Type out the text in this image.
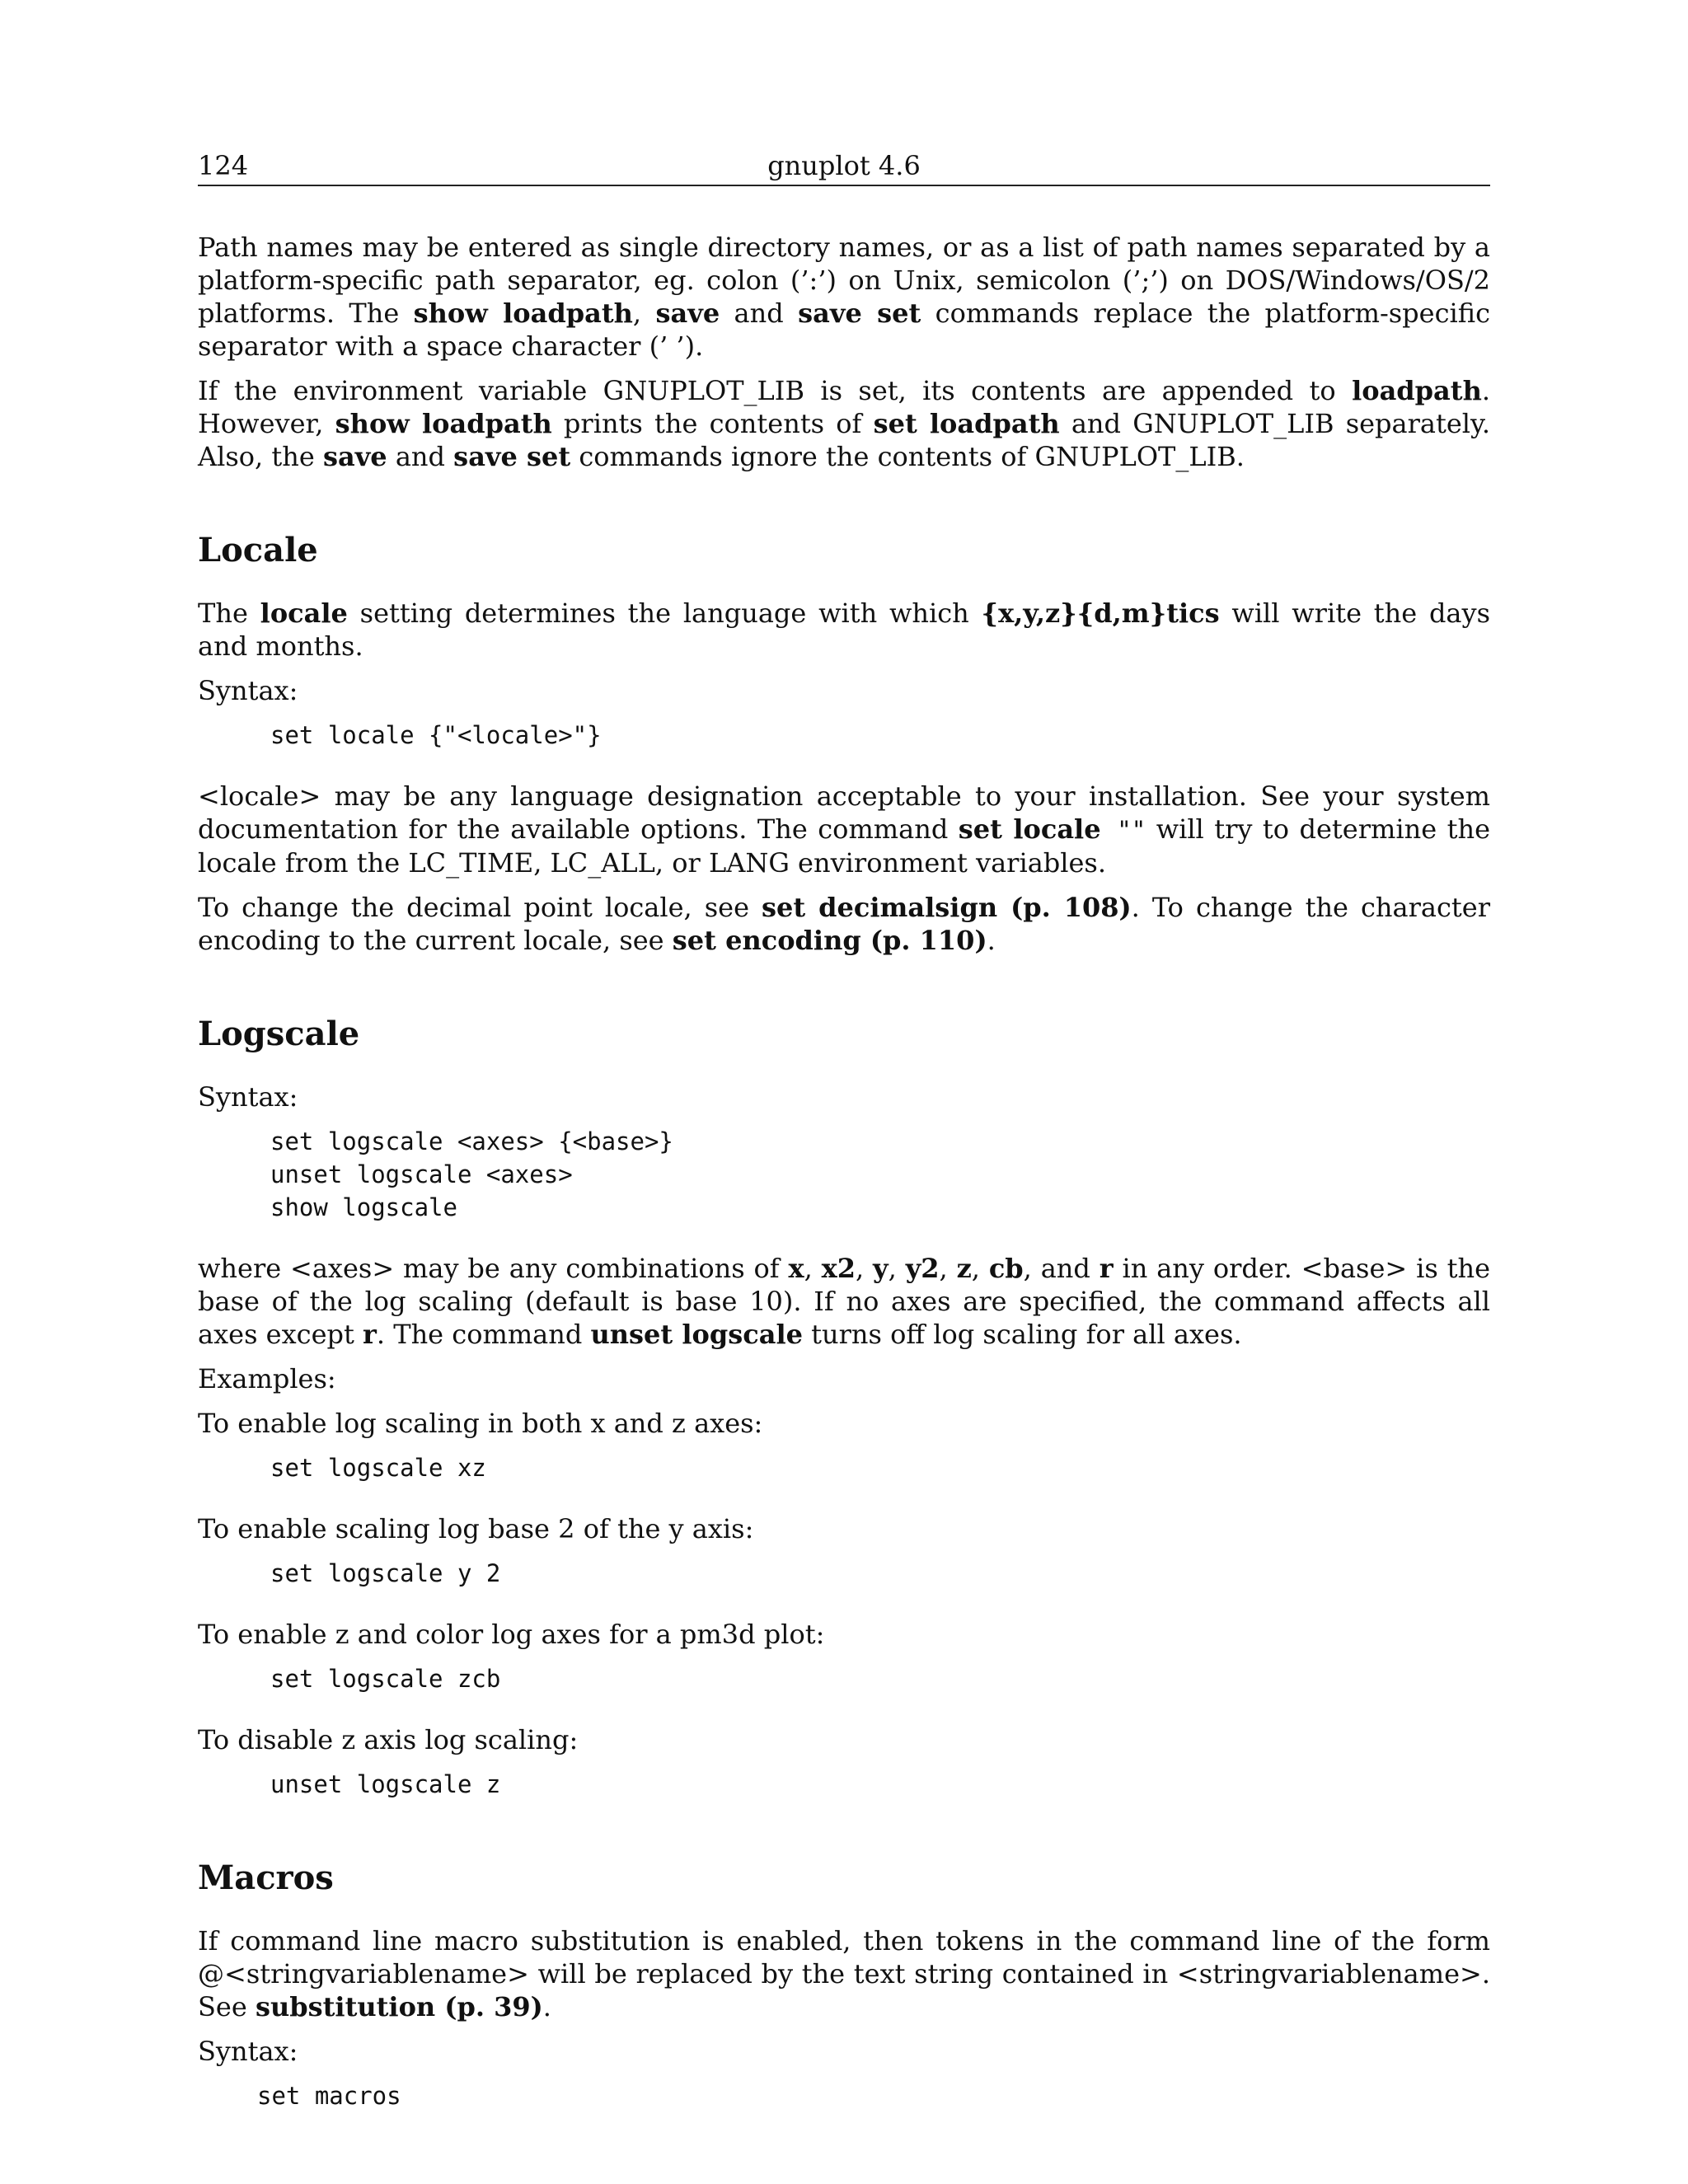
124	gnuplot 4.6

Path names may be entered as single directory names, or as a list of path names separated by a platform-specific path separator, eg. colon (’:’) on Unix, semicolon (’;’) on DOS/Windows/OS/2 platforms. The show loadpath, save and save set commands replace the platform-specific separator with a space character (’ ’).

If the environment variable GNUPLOT_LIB is set, its contents are appended to loadpath. However, show loadpath prints the contents of set loadpath and GNUPLOT_LIB separately. Also, the save and save set commands ignore the contents of GNUPLOT_LIB.

Locale

The locale setting determines the language with which {x,y,z}{d,m}tics will write the days and months.

Syntax:

set locale {"<locale>"}

<locale> may be any language designation acceptable to your installation. See your system documentation for the available options. The command set locale "" will try to determine the locale from the LC_TIME, LC_ALL, or LANG environment variables.

To change the decimal point locale, see set decimalsign (p. 108). To change the character encoding to the current locale, see set encoding (p. 110).

Logscale

Syntax:

set logscale <axes> {<base>}
unset logscale <axes>
show logscale

where <axes> may be any combinations of x, x2, y, y2, z, cb, and r in any order. <base> is the base of the log scaling (default is base 10). If no axes are specified, the command affects all axes except r. The command unset logscale turns off log scaling for all axes.

Examples:

To enable log scaling in both x and z axes:

set logscale xz

To enable scaling log base 2 of the y axis:

set logscale y 2

To enable z and color log axes for a pm3d plot:

set logscale zcb

To disable z axis log scaling:

unset logscale z
Macros

If command line macro substitution is enabled, then tokens in the command line of the form @<stringvariablename> will be replaced by the text string contained in <stringvariablename>. See substitution (p. 39).

Syntax:

set macros
